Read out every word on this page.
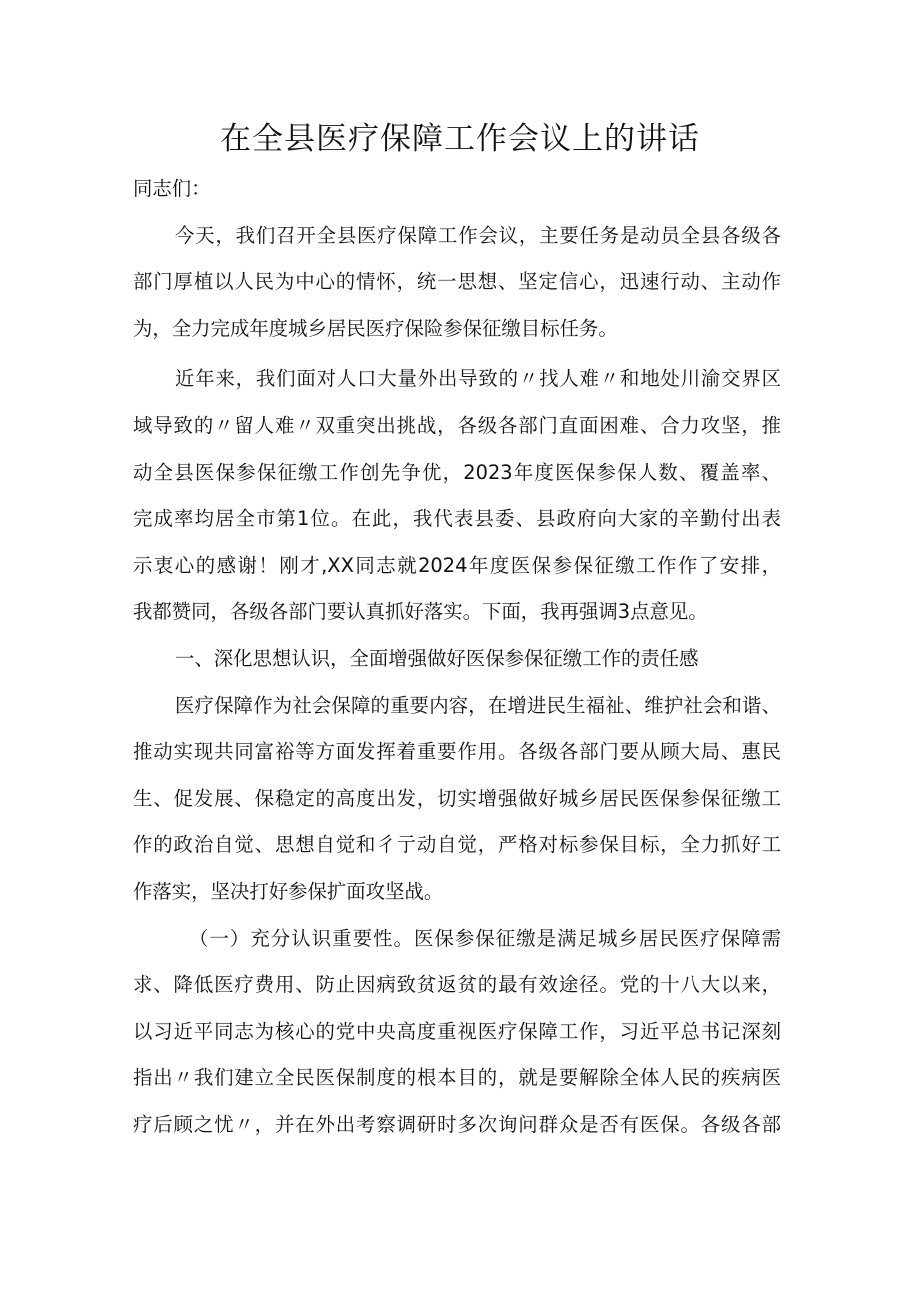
在全县医疗保障工作会议上的讲话
同志们：
今天，我们召开全县医疗保障工作会议，主要任务是动员全县各级各
部门厚植以人民为中心的情怀，统一思想、坚定信心，迅速行动、主动作
为，全力完成年度城乡居民医疗保险参保征缴目标任务。
近年来，我们面对人口大量外出导致的〃找人难〃和地处川渝交界区
域导致的〃留人难〃双重突出挑战，各级各部门直面困难、合力攻坚，推
动全县医保参保征缴工作创先争优，2023年度医保参保人数、覆盖率、
完成率均居全市第1位。在此，我代表县委、县政府向大家的辛勤付出表
示衷心的感谢！刚才,XX同志就2024年度医保参保征缴工作作了安排，
我都赞同，各级各部门要认真抓好落实。下面，我再强调3点意见。
一、深化思想认识，全面增强做好医保参保征缴工作的责任感
医疗保障作为社会保障的重要内容，在增进民生福祉、维护社会和谐、
推动实现共同富裕等方面发挥着重要作用。各级各部门要从顾大局、惠民
生、促发展、保稳定的高度出发，切实增强做好城乡居民医保参保征缴工
作的政治自觉、思想自觉和彳亍动自觉，严格对标参保目标，全力抓好工
作落实，坚决打好参保扩面攻坚战。
（一）充分认识重要性。医保参保征缴是满足城乡居民医疗保障需
求、降低医疗费用、防止因病致贫返贫的最有效途径。党的十八大以来，
以习近平同志为核心的党中央高度重视医疗保障工作，习近平总书记深刻
指出〃我们建立全民医保制度的根本目的，就是要解除全体人民的疾病医
疗后顾之忧〃，并在外出考察调研时多次询问群众是否有医保。各级各部
